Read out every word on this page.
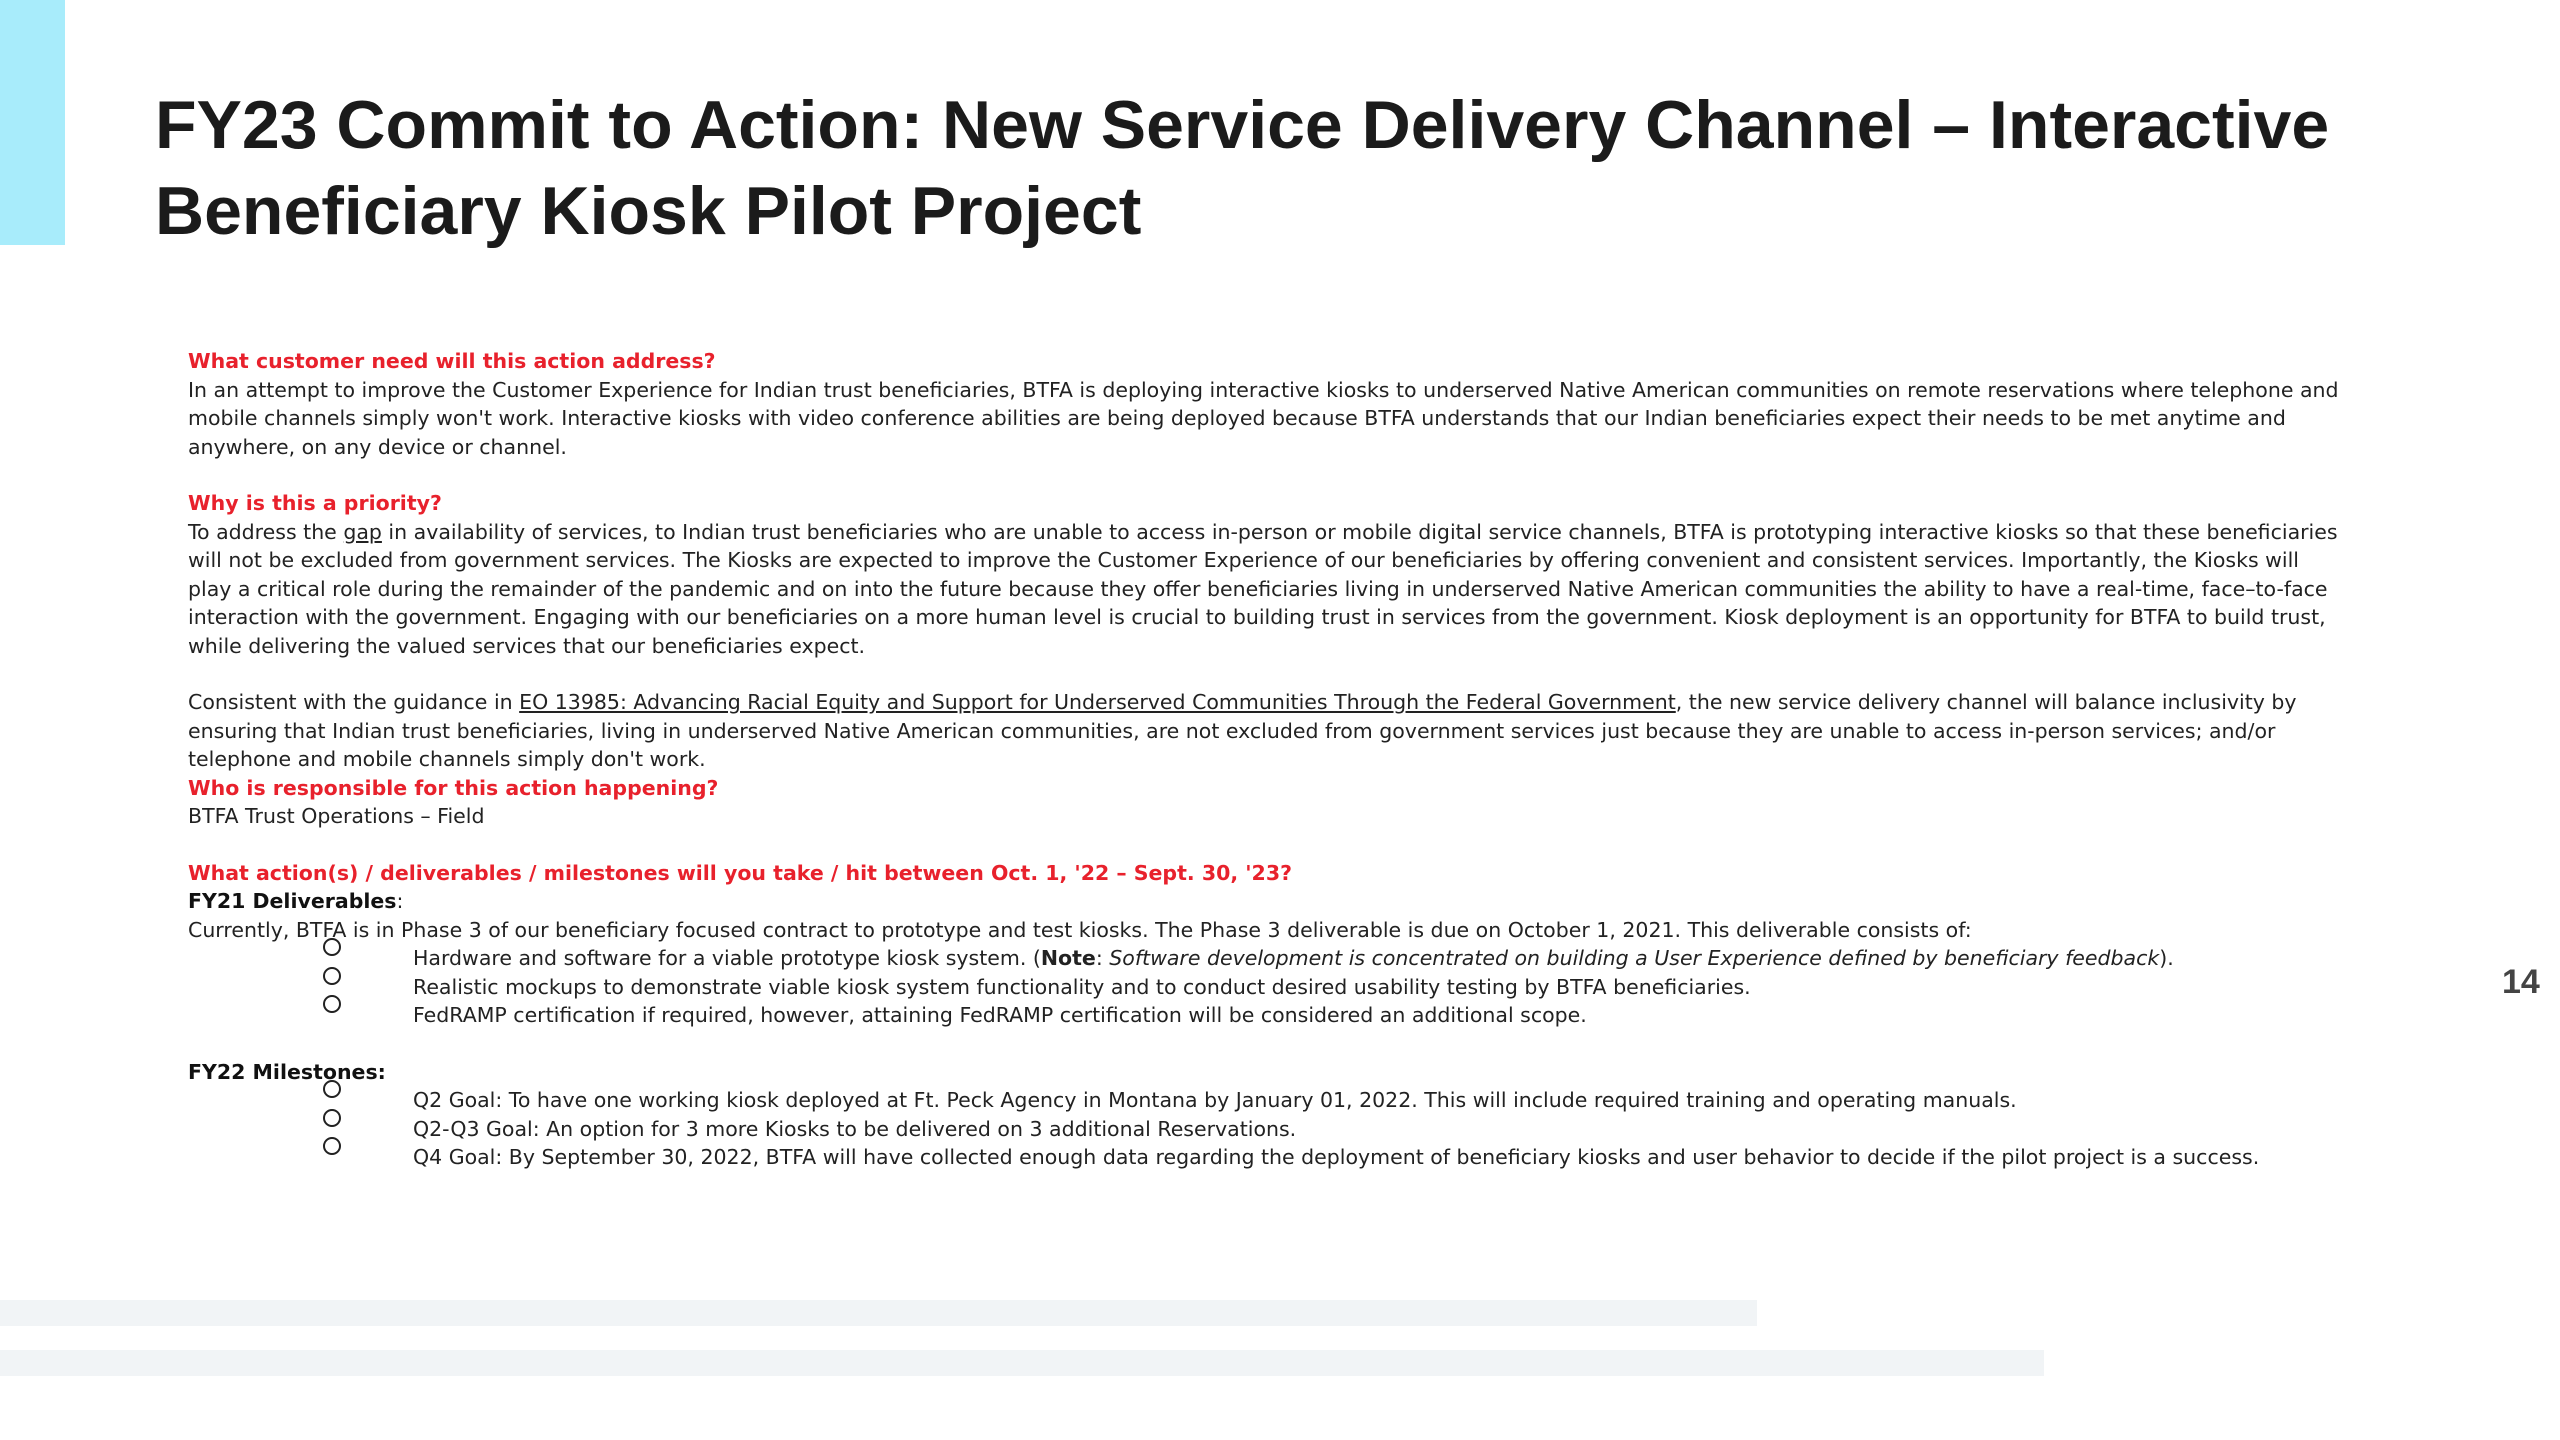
FY23 Commit to Action: New Service Delivery Channel – Interactive Beneficiary Kiosk Pilot Project

What customer need will this action address?

In an attempt to improve the Customer Experience for Indian trust beneficiaries, BTFA is deploying interactive kiosks to underserved Native American communities on remote reservations where telephone and mobile channels simply won't work. Interactive kiosks with video conference abilities are being deployed because BTFA understands that our Indian beneficiaries expect their needs to be met anytime and anywhere, on any device or channel.

Why is this a priority?

To address the gap in availability of services, to Indian trust beneficiaries who are unable to access in-person or mobile digital service channels, BTFA is prototyping interactive kiosks so that these beneficiaries will not be excluded from government services. The Kiosks are expected to improve the Customer Experience of our beneficiaries by offering convenient and consistent services. Importantly, the Kiosks will play a critical role during the remainder of the pandemic and on into the future because they offer beneficiaries living in underserved Native American communities the ability to have a real-time, face–to-face interaction with the government. Engaging with our beneficiaries on a more human level is crucial to building trust in services from the government. Kiosk deployment is an opportunity for BTFA to build trust, while delivering the valued services that our beneficiaries expect.

Consistent with the guidance in EO 13985: Advancing Racial Equity and Support for Underserved Communities Through the Federal Government, the new service delivery channel will balance inclusivity by ensuring that Indian trust beneficiaries, living in underserved Native American communities, are not excluded from government services just because they are unable to access in-person services; and/or telephone and mobile channels simply don't work.

Who is responsible for this action happening?

BTFA Trust Operations – Field

What action(s) / deliverables / milestones will you take / hit between Oct. 1, '22 – Sept. 30, '23?

FY21 Deliverables:

Currently, BTFA is in Phase 3 of our beneficiary focused contract to prototype and test kiosks. The Phase 3 deliverable is due on October 1, 2021. This deliverable consists of:

Hardware and software for a viable prototype kiosk system. (Note: Software development is concentrated on building a User Experience defined by beneficiary feedback).
Realistic mockups to demonstrate viable kiosk system functionality and to conduct desired usability testing by BTFA beneficiaries.
FedRAMP certification if required, however, attaining FedRAMP certification will be considered an additional scope.

FY22 Milestones:

Q2 Goal: To have one working kiosk deployed at Ft. Peck Agency in Montana by January 01, 2022. This will include required training and operating manuals.
Q2-Q3 Goal: An option for 3 more Kiosks to be delivered on 3 additional Reservations.
Q4 Goal: By September 30, 2022, BTFA will have collected enough data regarding the deployment of beneficiary kiosks and user behavior to decide if the pilot project is a success.
14
